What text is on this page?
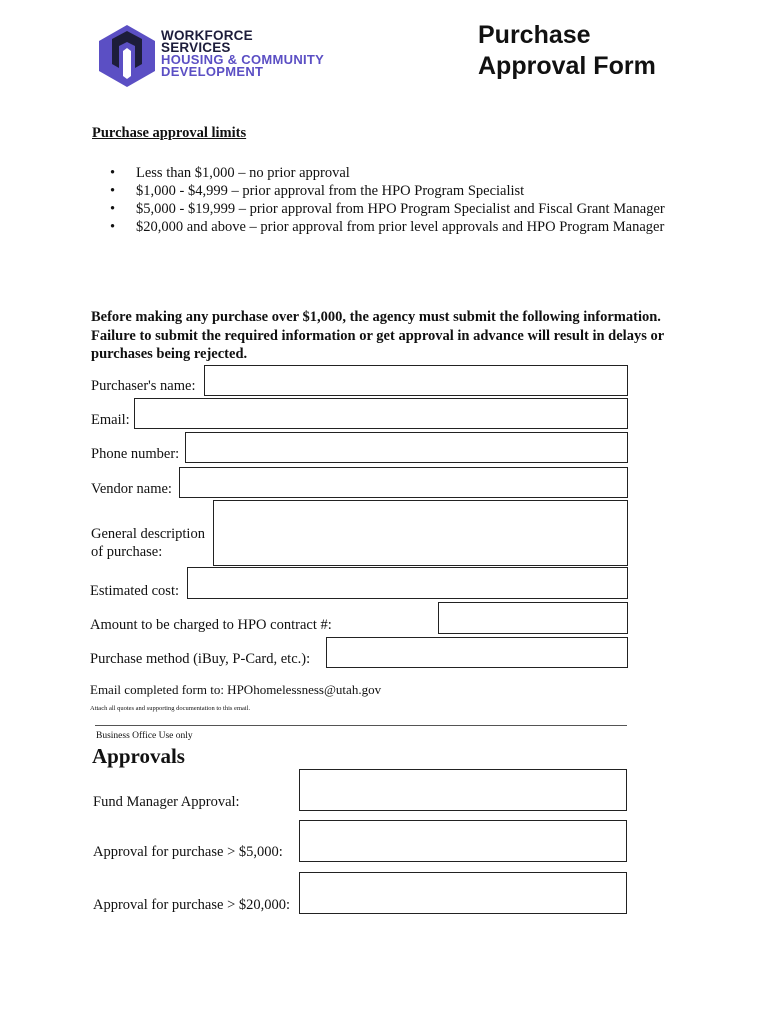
WORKFORCE
SERVICES
HOUSING & COMMUNITY
DEVELOPMENT
Purchase
Approval Form
Purchase approval limits
• Less than $1,000 – no prior approval
• $1,000 - $4,999 – prior approval from the HPO Program Specialist
• $5,000 - $19,999 – prior approval from HPO Program Specialist and Fiscal Grant Manager
• $20,000 and above – prior approval from prior level approvals and HPO Program Manager
Before making any purchase over $1,000, the agency must submit the following information. Failure to submit the required information or get approval in advance will result in delays or purchases being rejected.
Purchaser's name:
Email:
Phone number:
Vendor name:
General description
of purchase:
Estimated cost:
Amount to be charged to HPO contract #:
Purchase method (iBuy, P-Card, etc.):
Email completed form to: HPOhomelessness@utah.gov
Attach all quotes and supporting documentation to this email.
Business Office Use only
Approvals
Fund Manager Approval:
Approval for purchase > $5,000:
Approval for purchase > $20,000:
